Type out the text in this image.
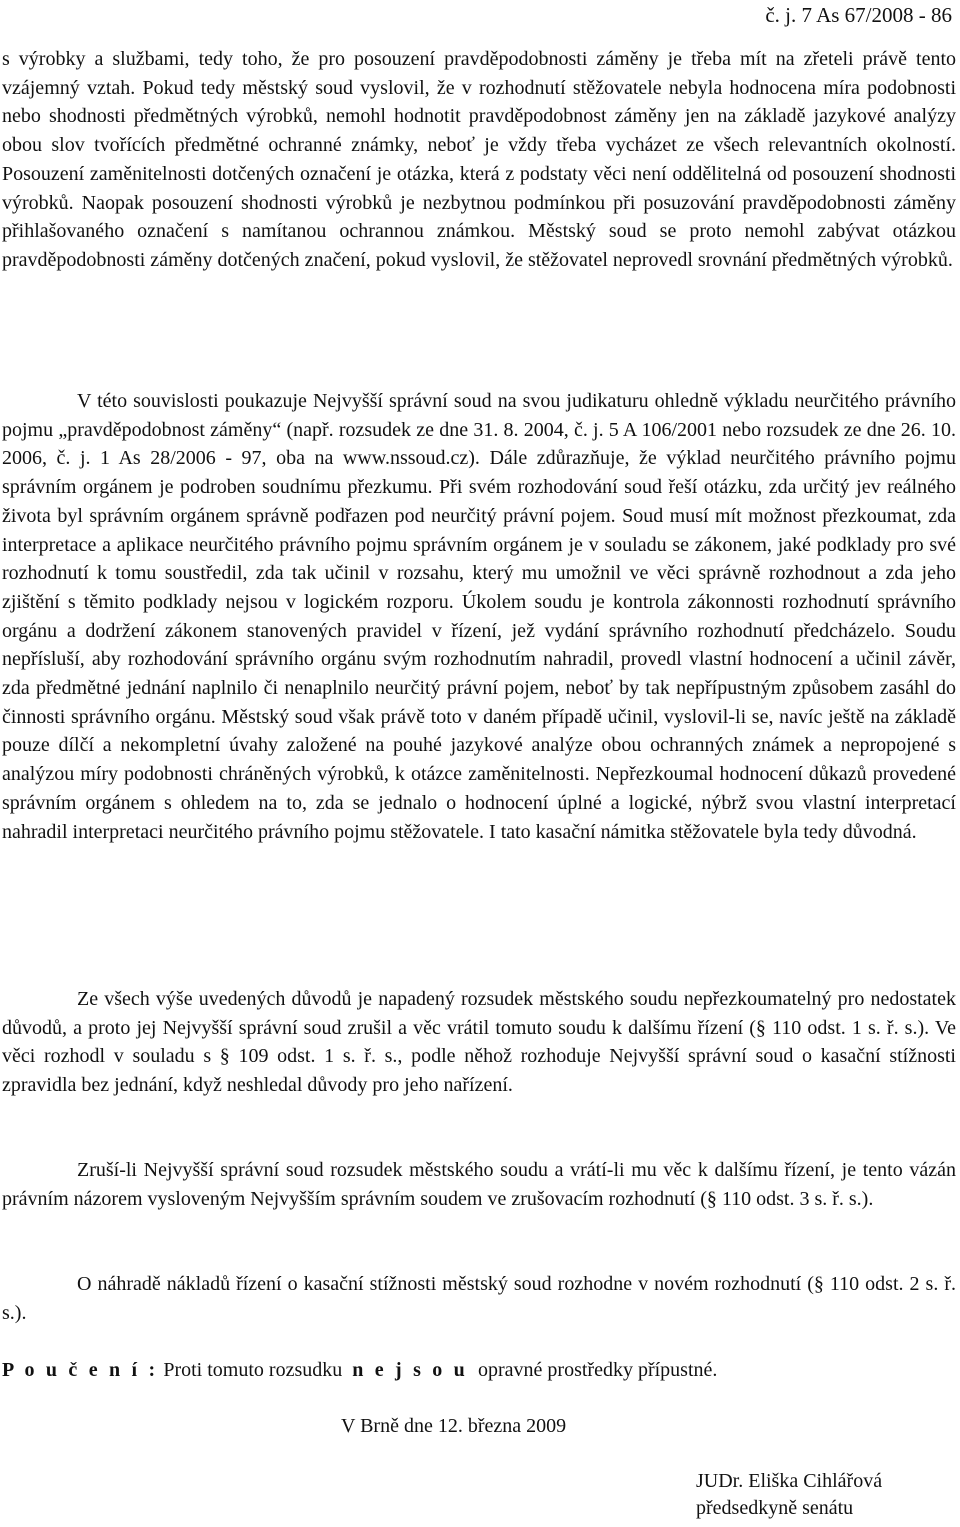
č. j. 7 As 67/2008 - 86

s výrobky a službami, tedy toho, že pro posouzení pravděpodobnosti záměny je třeba mít na zřeteli právě tento vzájemný vztah. Pokud tedy městský soud vyslovil, že v rozhodnutí stěžovatele nebyla hodnocena míra podobnosti nebo shodnosti předmětných výrobků, nemohl hodnotit pravděpodobnost záměny jen na základě jazykové analýzy obou slov tvořících předmětné ochranné známky, neboť je vždy třeba vycházet ze všech relevantních okolností. Posouzení zaměnitelnosti dotčených označení je otázka, která z podstaty věci není oddělitelná od posouzení shodnosti výrobků. Naopak posouzení shodnosti výrobků je nezbytnou podmínkou při posuzování pravděpodobnosti záměny přihlašovaného označení s namítanou ochrannou známkou. Městský soud se proto nemohl zabývat otázkou pravděpodobnosti záměny dotčených značení, pokud vyslovil, že stěžovatel neprovedl srovnání předmětných výrobků.

V této souvislosti poukazuje Nejvyšší správní soud na svou judikaturu ohledně výkladu neurčitého právního pojmu „pravděpodobnost záměny“ (např. rozsudek ze dne 31. 8. 2004, č. j. 5 A 106/2001 nebo rozsudek ze dne 26. 10. 2006, č. j. 1 As 28/2006 - 97, oba na www.nssoud.cz). Dále zdůrazňuje, že výklad neurčitého právního pojmu správním orgánem je podroben soudnímu přezkumu. Při svém rozhodování soud řeší otázku, zda určitý jev reálného života byl správním orgánem správně podřazen pod neurčitý právní pojem. Soud musí mít možnost přezkoumat, zda interpretace a aplikace neurčitého právního pojmu správním orgánem je v souladu se zákonem, jaké podklady pro své rozhodnutí k tomu soustředil, zda tak učinil v rozsahu, který mu umožnil ve věci správně rozhodnout a zda jeho zjištění s těmito podklady nejsou v logickém rozporu. Úkolem soudu je kontrola zákonnosti rozhodnutí správního orgánu a dodržení zákonem stanovených pravidel v řízení, jež vydání správního rozhodnutí předcházelo. Soudu nepřísluší, aby rozhodování správního orgánu svým rozhodnutím nahradil, provedl vlastní hodnocení a učinil závěr, zda předmětné jednání naplnilo či nenaplnilo neurčitý právní pojem, neboť by tak nepřípustným způsobem zasáhl do činnosti správního orgánu. Městský soud však právě toto v daném případě učinil, vyslovil-li se, navíc ještě na základě pouze dílčí a nekompletní úvahy založené na pouhé jazykové analýze obou ochranných známek a nepropojené s analýzou míry podobnosti chráněných výrobků, k otázce zaměnitelnosti. Nepřezkoumal hodnocení důkazů provedené správním orgánem s ohledem na to, zda se jednalo o hodnocení úplné a logické, nýbrž svou vlastní interpretací nahradil interpretaci neurčitého právního pojmu stěžovatele. I tato kasační námitka stěžovatele byla tedy důvodná.

Ze všech výše uvedených důvodů je napadený rozsudek městského soudu nepřezkoumatelný pro nedostatek důvodů, a proto jej Nejvyšší správní soud zrušil a věc vrátil tomuto soudu k dalšímu řízení (§ 110 odst. 1 s. ř. s.). Ve věci rozhodl v souladu s § 109 odst. 1 s. ř. s., podle něhož rozhoduje Nejvyšší správní soud o kasační stížnosti zpravidla bez jednání, když neshledal důvody pro jeho nařízení.

Zruší-li Nejvyšší správní soud rozsudek městského soudu a vrátí-li mu věc k dalšímu řízení, je tento vázán právním názorem vysloveným Nejvyšším správním soudem ve zrušovacím rozhodnutí (§ 110 odst. 3 s. ř. s.).

O náhradě nákladů řízení o kasační stížnosti městský soud rozhodne v novém rozhodnutí (§ 110 odst. 2 s. ř. s.).

P o u č e n í : Proti tomuto rozsudku  n e j s o u  opravné prostředky přípustné.
V Brně dne 12. března 2009
JUDr. Eliška Cihlářová
předsedkyně senátu
